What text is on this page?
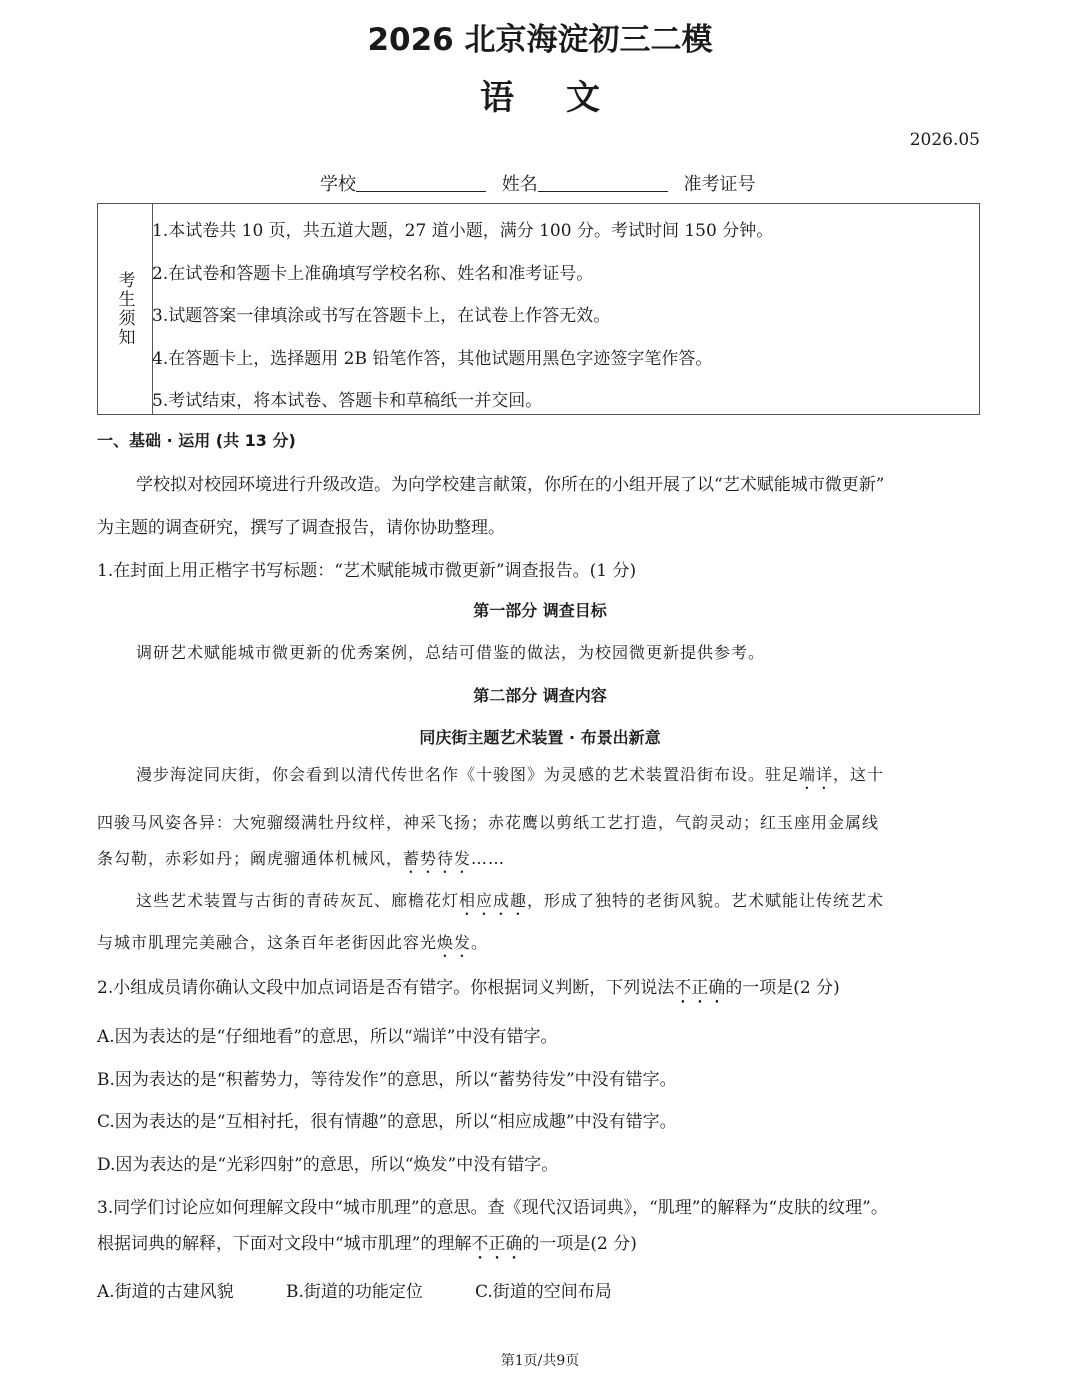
2026 北京海淀初三二模
语文
2026.05
学校	姓名	准考证号
考生须知
1.本试卷共 10 页，共五道大题，27 道小题，满分 100 分。考试时间 150 分钟。
2.在试卷和答题卡上准确填写学校名称、姓名和准考证号。
3.试题答案一律填涂或书写在答题卡上，在试卷上作答无效。
4.在答题卡上，选择题用 2B 铅笔作答，其他试题用黑色字迹签字笔作答。
5.考试结束，将本试卷、答题卡和草稿纸一并交回。
一、基础 · 运用 (共 13 分)
学校拟对校园环境进行升级改造。为向学校建言献策，你所在的小组开展了以“艺术赋能城市微更新”
为主题的调查研究，撰写了调查报告，请你协助整理。
1.在封面上用正楷字书写标题：“艺术赋能城市微更新”调查报告。(1 分)
第一部分 调查目标
调研艺术赋能城市微更新的优秀案例，总结可借鉴的做法，为校园微更新提供参考。
第二部分 调查内容
同庆街主题艺术装置 · 布景出新意
漫步海淀同庆街，你会看到以清代传世名作《十骏图》为灵感的艺术装置沿街布设。驻足端详，这十
四骏马风姿各异：大宛骝缀满牡丹纹样，神采飞扬；赤花鹰以剪纸工艺打造，气韵灵动；红玉座用金属线
条勾勒，赤彩如丹；阚虎骝通体机械风，蓄势待发……
这些艺术装置与古街的青砖灰瓦、廊檐花灯相应成趣，形成了独特的老街风貌。艺术赋能让传统艺术
与城市肌理完美融合，这条百年老街因此容光焕发。
2.小组成员请你确认文段中加点词语是否有错字。你根据词义判断，下列说法不正确的一项是(2 分)
A.因为表达的是“仔细地看”的意思，所以“端详”中没有错字。
B.因为表达的是“积蓄势力，等待发作”的意思，所以“蓄势待发”中没有错字。
C.因为表达的是“互相衬托，很有情趣”的意思，所以“相应成趣”中没有错字。
D.因为表达的是“光彩四射”的意思，所以“焕发”中没有错字。
3.同学们讨论应如何理解文段中“城市肌理”的意思。查《现代汉语词典》，“肌理”的解释为“皮肤的纹理”。
根据词典的解释，下面对文段中“城市肌理”的理解不正确的一项是(2 分)
A.街道的古建风貌	B.街道的功能定位	C.街道的空间布局
第1页/共9页
